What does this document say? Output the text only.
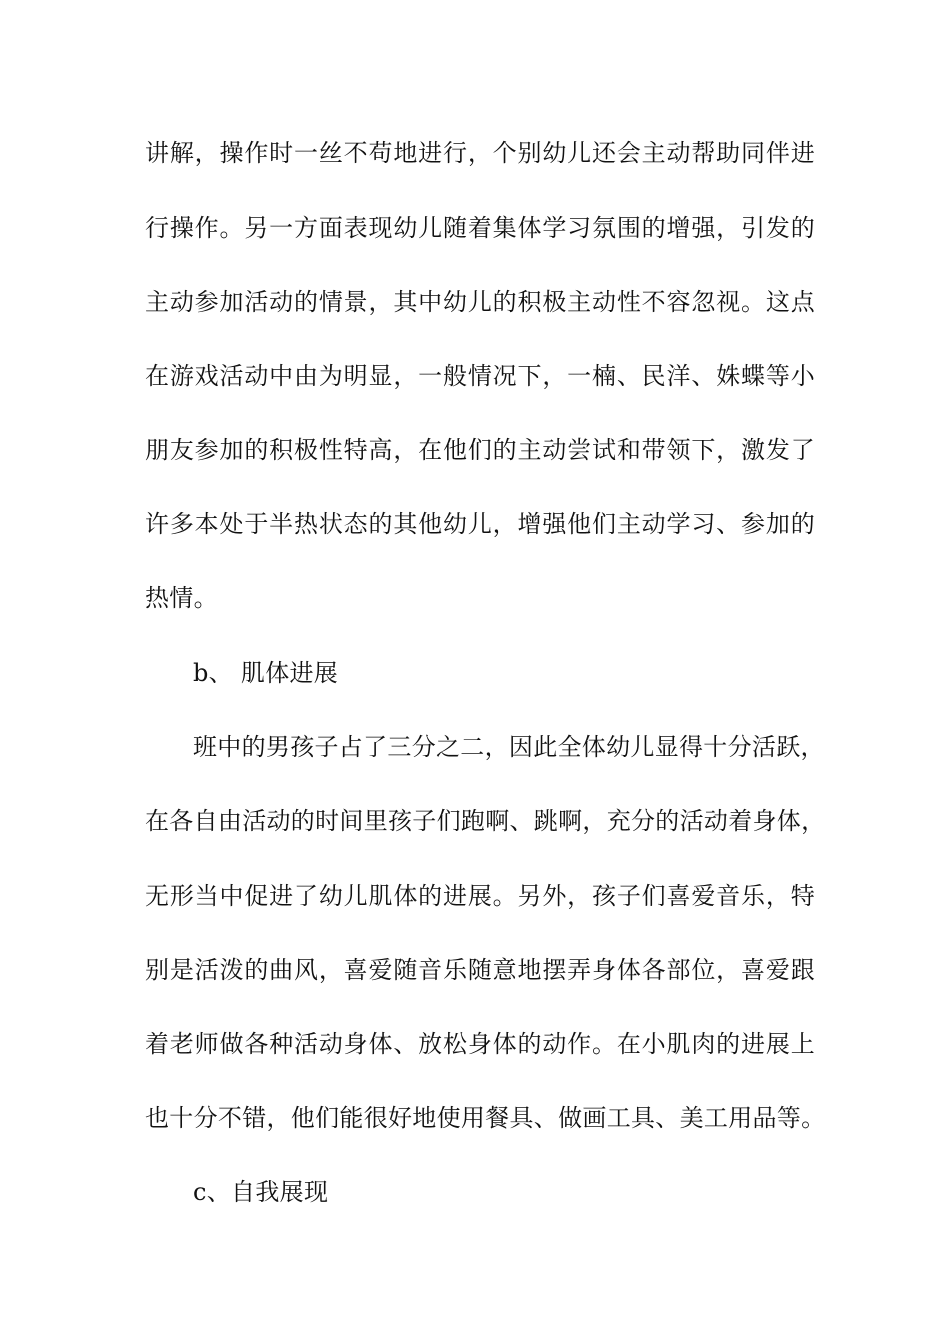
讲解，操作时一丝不苟地进行，个别幼儿还会主动帮助同伴进
行操作。另一方面表现幼儿随着集体学习氛围的增强，引发的
主动参加活动的情景，其中幼儿的积极主动性不容忽视。这点
在游戏活动中由为明显，一般情况下，一楠、民洋、姝蝶等小
朋友参加的积极性特高，在他们的主动尝试和带领下，激发了
许多本处于半热状态的其他幼儿，增强他们主动学习、参加的
热情。
b、 肌体进展
班中的男孩子占了三分之二，因此全体幼儿显得十分活跃，
在各自由活动的时间里孩子们跑啊、跳啊，充分的活动着身体，
无形当中促进了幼儿肌体的进展。另外，孩子们喜爱音乐，特
别是活泼的曲风，喜爱随音乐随意地摆弄身体各部位，喜爱跟
着老师做各种活动身体、放松身体的动作。在小肌肉的进展上
也十分不错，他们能很好地使用餐具、做画工具、美工用品等。
c、自我展现
